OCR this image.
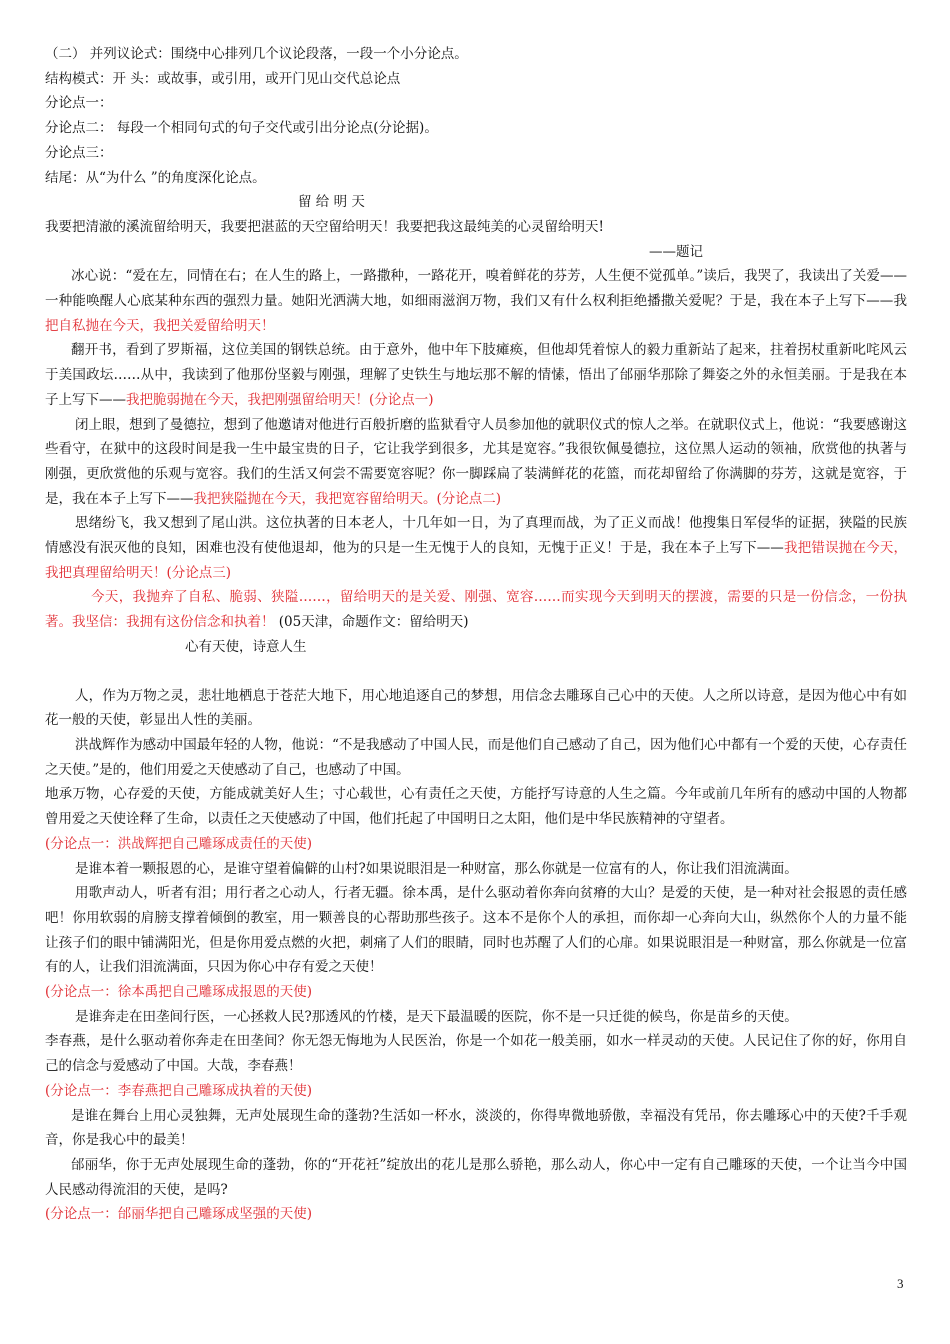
（二） 并列议论式：围绕中心排列几个议论段落，一段一个小分论点。
结构模式：开 头：或故事，或引用，或开门见山交代总论点
分论点一：
分论点二： 每段一个相同句式的句子交代或引出分论点(分论据)。
分论点三：
结尾：从“为什么 ”的角度深化论点。
留 给 明 天
我要把清澈的溪流留给明天，我要把湛蓝的天空留给明天！我要把我这最纯美的心灵留给明天!
——题记

冰心说：“爱在左，同情在右；在人生的路上，一路撒种，一路花开，嗅着鲜花的芬芳，人生便不觉孤单。”读后，我哭了，我读出了关爱——一种能唤醒人心底某种东西的强烈力量。她阳光洒满大地，如细雨滋润万物，我们又有什么权利拒绝播撒关爱呢？于是，我在本子上写下——我把自私抛在今天，我把关爱留给明天！

翻开书，看到了罗斯福，这位美国的钢铁总统。由于意外，他中年下肢瘫痪，但他却凭着惊人的毅力重新站了起来，拄着拐杖重新叱咤风云于美国政坛……从中，我读到了他那份坚毅与刚强，理解了史铁生与地坛那不解的情愫，悟出了邰丽华那除了舞姿之外的永恒美丽。于是我在本子上写下——我把脆弱抛在今天，我把刚强留给明天！(分论点一)

闭上眼，想到了曼德拉，想到了他邀请对他进行百般折磨的监狱看守人员参加他的就职仪式的惊人之举。在就职仪式上，他说：“我要感谢这些看守，在狱中的这段时间是我一生中最宝贵的日子，它让我学到很多，尤其是宽容。”我很钦佩曼德拉，这位黑人运动的领袖，欣赏他的执著与刚强，更欣赏他的乐观与宽容。我们的生活又何尝不需要宽容呢？你一脚踩扁了装满鲜花的花篮，而花却留给了你满脚的芬芳，这就是宽容，于是，我在本子上写下——我把狭隘抛在今天，我把宽容留给明天。(分论点二)

思绪纷飞，我又想到了尾山洪。这位执著的日本老人，十几年如一日，为了真理而战，为了正义而战！他搜集日军侵华的证据，狭隘的民族情感没有泯灭他的良知，困难也没有使他退却，他为的只是一生无愧于人的良知，无愧于正义！于是，我在本子上写下——我把错误抛在今天，我把真理留给明天！(分论点三)

今天，我抛弃了自私、脆弱、狭隘……，留给明天的是关爱、刚强、宽容……而实现今天到明天的摆渡，需要的只是一份信念，一份执著。我坚信：我拥有这份信念和执着！ (05天津，命题作文：留给明天)

心有天使，诗意人生

人，作为万物之灵，悲壮地栖息于苍茫大地下，用心地追逐自己的梦想，用信念去雕琢自己心中的天使。人之所以诗意，是因为他心中有如花一般的天使，彰显出人性的美丽。

洪战辉作为感动中国最年轻的人物，他说：“不是我感动了中国人民，而是他们自己感动了自己，因为他们心中都有一个爱的天使，心存责任之天使。”是的，他们用爱之天使感动了自己，也感动了中国。

地承万物，心存爱的天使，方能成就美好人生；寸心载世，心有责任之天使，方能抒写诗意的人生之篇。今年或前几年所有的感动中国的人物都曾用爱之天使诠释了生命，以责任之天使感动了中国，他们托起了中国明日之太阳，他们是中华民族精神的守望者。

(分论点一：洪战辉把自己雕琢成责任的天使)

是谁本着一颗报恩的心，是谁守望着偏僻的山村?如果说眼泪是一种财富，那么你就是一位富有的人，你让我们泪流满面。

用歌声动人，听者有泪；用行者之心动人，行者无疆。徐本禹，是什么驱动着你奔向贫瘠的大山？是爱的天使，是一种对社会报恩的责任感吧！你用软弱的肩膀支撑着倾倒的教室，用一颗善良的心帮助那些孩子。这本不是你个人的承担，而你却一心奔向大山，纵然你个人的力量不能让孩子们的眼中铺满阳光，但是你用爱点燃的火把，刺痛了人们的眼睛，同时也苏醒了人们的心扉。如果说眼泪是一种财富，那么你就是一位富有的人，让我们泪流满面，只因为你心中存有爱之天使！

(分论点一：徐本禹把自己雕琢成报恩的天使)

是谁奔走在田垄间行医，一心拯救人民?那透风的竹楼，是天下最温暖的医院，你不是一只迁徙的候鸟，你是苗乡的天使。

李春燕，是什么驱动着你奔走在田垄间？你无怨无悔地为人民医治，你是一个如花一般美丽，如水一样灵动的天使。人民记住了你的好，你用自己的信念与爱感动了中国。大哉，李春燕！

(分论点一：李春燕把自己雕琢成执着的天使)

是谁在舞台上用心灵独舞，无声处展现生命的蓬勃?生活如一杯水，淡淡的，你得卑微地骄傲，幸福没有凭吊，你去雕琢心中的天使?千手观音，你是我心中的最美！

邰丽华，你于无声处展现生命的蓬勃，你的“开花衽”绽放出的花儿是那么骄艳，那么动人，你心中一定有自己雕琢的天使，一个让当今中国人民感动得流泪的天使，是吗?

(分论点一：邰丽华把自己雕琢成坚强的天使)
3
